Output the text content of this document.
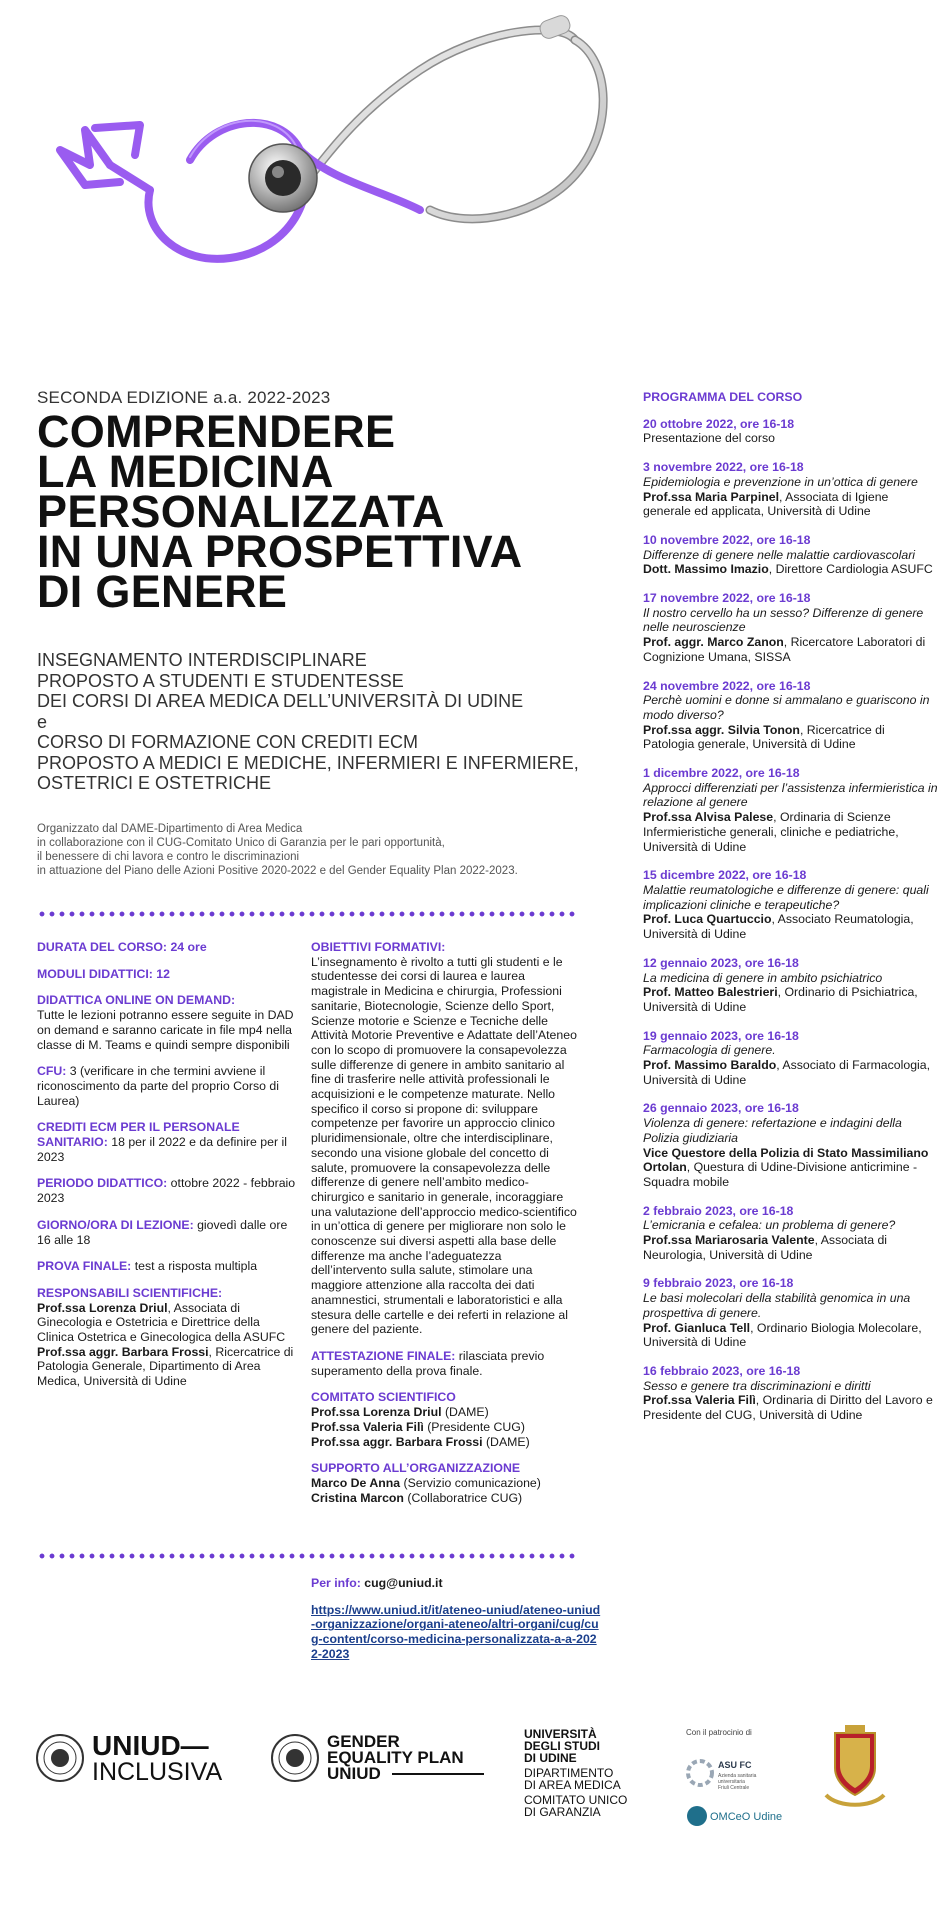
SECONDA EDIZIONE a.a. 2022-2023
COMPRENDERE
LA MEDICINA
PERSONALIZZATA
IN UNA PROSPETTIVA
DI GENERE
INSEGNAMENTO INTERDISCIPLINARE
PROPOSTO A STUDENTI E STUDENTESSE
DEI CORSI DI AREA MEDICA DELL’UNIVERSITÀ DI UDINE
e
CORSO DI FORMAZIONE CON CREDITI ECM
PROPOSTO A MEDICI E MEDICHE, INFERMIERI E INFERMIERE,
OSTETRICI E OSTETRICHE
Organizzato dal DAME-Dipartimento di Area Medica
in collaborazione con il CUG-Comitato Unico di Garanzia per le pari opportunità,
il benessere di chi lavora e contro le discriminazioni
in attuazione del Piano delle Azioni Positive 2020-2022 e del Gender Equality Plan 2022-2023.
DURATA DEL CORSO: 24 ore
MODULI DIDATTICI: 12
DIDATTICA ONLINE ON DEMAND:
Tutte le lezioni potranno essere seguite in DAD on demand e saranno caricate in file mp4 nella classe di M. Teams e quindi sempre disponibili
CFU: 3 (verificare in che termini avviene il riconoscimento da parte del proprio Corso di Laurea)
CREDITI ECM PER IL PERSONALE SANITARIO: 18 per il 2022 e da definire per il 2023
PERIODO DIDATTICO: ottobre 2022 - febbraio 2023
GIORNO/ORA DI LEZIONE: giovedì dalle ore 16 alle 18
PROVA FINALE: test a risposta multipla
RESPONSABILI SCIENTIFICHE:
Prof.ssa Lorenza Driul, Associata di Ginecologia e Ostetricia e Direttrice della Clinica Ostetrica e Ginecologica della ASUFC
Prof.ssa aggr. Barbara Frossi, Ricercatrice di Patologia Generale, Dipartimento di Area Medica, Università di Udine
OBIETTIVI FORMATIVI:
L’insegnamento è rivolto a tutti gli studenti e le studentesse dei corsi di laurea e laurea magistrale in Medicina e chirurgia, Professioni sanitarie, Biotecnologie, Scienze dello Sport, Scienze motorie e Scienze e Tecniche delle Attività Motorie Preventive e Adattate dell’Ateneo con lo scopo di promuovere la consapevolezza sulle differenze di genere in ambito sanitario al fine di trasferire nelle attività professionali le acquisizioni e le competenze maturate. Nello specifico il corso si propone di: sviluppare competenze per favorire un approccio clinico pluridimensionale, oltre che interdisciplinare, secondo una visione globale del concetto di salute, promuovere la consapevolezza delle differenze di genere nell’ambito medico-chirurgico e sanitario in generale, incoraggiare una valutazione dell’approccio medico-scientifico in un’ottica di genere per migliorare non solo le conoscenze sui diversi aspetti alla base delle differenze ma anche l’adeguatezza dell’intervento sulla salute, stimolare una maggiore attenzione alla raccolta dei dati anamnestici, strumentali e laboratoristici e alla stesura delle cartelle e dei referti in relazione al genere del paziente.
ATTESTAZIONE FINALE: rilasciata previo superamento della prova finale.
COMITATO SCIENTIFICO
Prof.ssa Lorenza Driul (DAME)
Prof.ssa Valeria Filì (Presidente CUG)
Prof.ssa aggr. Barbara Frossi (DAME)
SUPPORTO ALL’ORGANIZZAZIONE
Marco De Anna (Servizio comunicazione)
Cristina Marcon (Collaboratrice CUG)
Per info: cug@uniud.it
https://www.uniud.it/it/ateneo-uniud/ateneo-uniud-organizzazione/organi-ateneo/altri-organi/cug/cug-content/corso-medicina-personalizzata-a-a-2022-2023
PROGRAMMA DEL CORSO
20 ottobre 2022, ore 16-18
Presentazione del corso
3 novembre 2022, ore 16-18
Epidemiologia e prevenzione in un’ottica di genere
Prof.ssa Maria Parpinel, Associata di Igiene generale ed applicata, Università di Udine
10 novembre 2022, ore 16-18
Differenze di genere nelle malattie cardiovascolari
Dott. Massimo Imazio, Direttore Cardiologia ASUFC
17 novembre 2022, ore 16-18
Il nostro cervello ha un sesso? Differenze di genere nelle neuroscienze
Prof. aggr. Marco Zanon, Ricercatore Laboratori di Cognizione Umana, SISSA
24 novembre 2022, ore 16-18
Perchè uomini e donne si ammalano e guariscono in modo diverso?
Prof.ssa aggr. Silvia Tonon, Ricercatrice di Patologia generale, Università di Udine
1 dicembre 2022, ore 16-18
Approcci differenziati per l’assistenza infermieristica in relazione al genere
Prof.ssa Alvisa Palese, Ordinaria di Scienze Infermieristiche generali, cliniche e pediatriche, Università di Udine
15 dicembre 2022, ore 16-18
Malattie reumatologiche e differenze di genere: quali implicazioni cliniche e terapeutiche?
Prof. Luca Quartuccio, Associato Reumatologia, Università di Udine
12 gennaio 2023, ore 16-18
La medicina di genere in ambito psichiatrico
Prof. Matteo Balestrieri, Ordinario di Psichiatrica, Università di Udine
19 gennaio 2023, ore 16-18
Farmacologia di genere.
Prof. Massimo Baraldo, Associato di Farmacologia, Università di Udine
26 gennaio 2023, ore 16-18
Violenza di genere: refertazione e indagini della Polizia giudiziaria
Vice Questore della Polizia di Stato Massimiliano Ortolan, Questura di Udine-Divisione anticrimine - Squadra mobile
2 febbraio 2023, ore 16-18
L’emicrania e cefalea: un problema di genere?
Prof.ssa Mariarosaria Valente, Associata di Neurologia, Università di Udine
9 febbraio 2023, ore 16-18
Le basi molecolari della stabilità genomica in una prospettiva di genere.
Prof. Gianluca Tell, Ordinario Biologia Molecolare, Università di Udine
16 febbraio 2023, ore 16-18
Sesso e genere tra discriminazioni e diritti
Prof.ssa Valeria Filì, Ordinaria di Diritto del Lavoro e Presidente del CUG, Università di Udine
UNIUD—
INCLUSIVA
GENDER
EQUALITY PLAN
UNIUD
UNIVERSITÀ
DEGLI STUDI
DI UDINE
DIPARTIMENTO
DI AREA MEDICA
COMITATO UNICO
DI GARANZIA
Con il patrocinio di
ASU FC
Azienda sanitaria
universitaria
Friuli Centrale
OMCeO Udine
